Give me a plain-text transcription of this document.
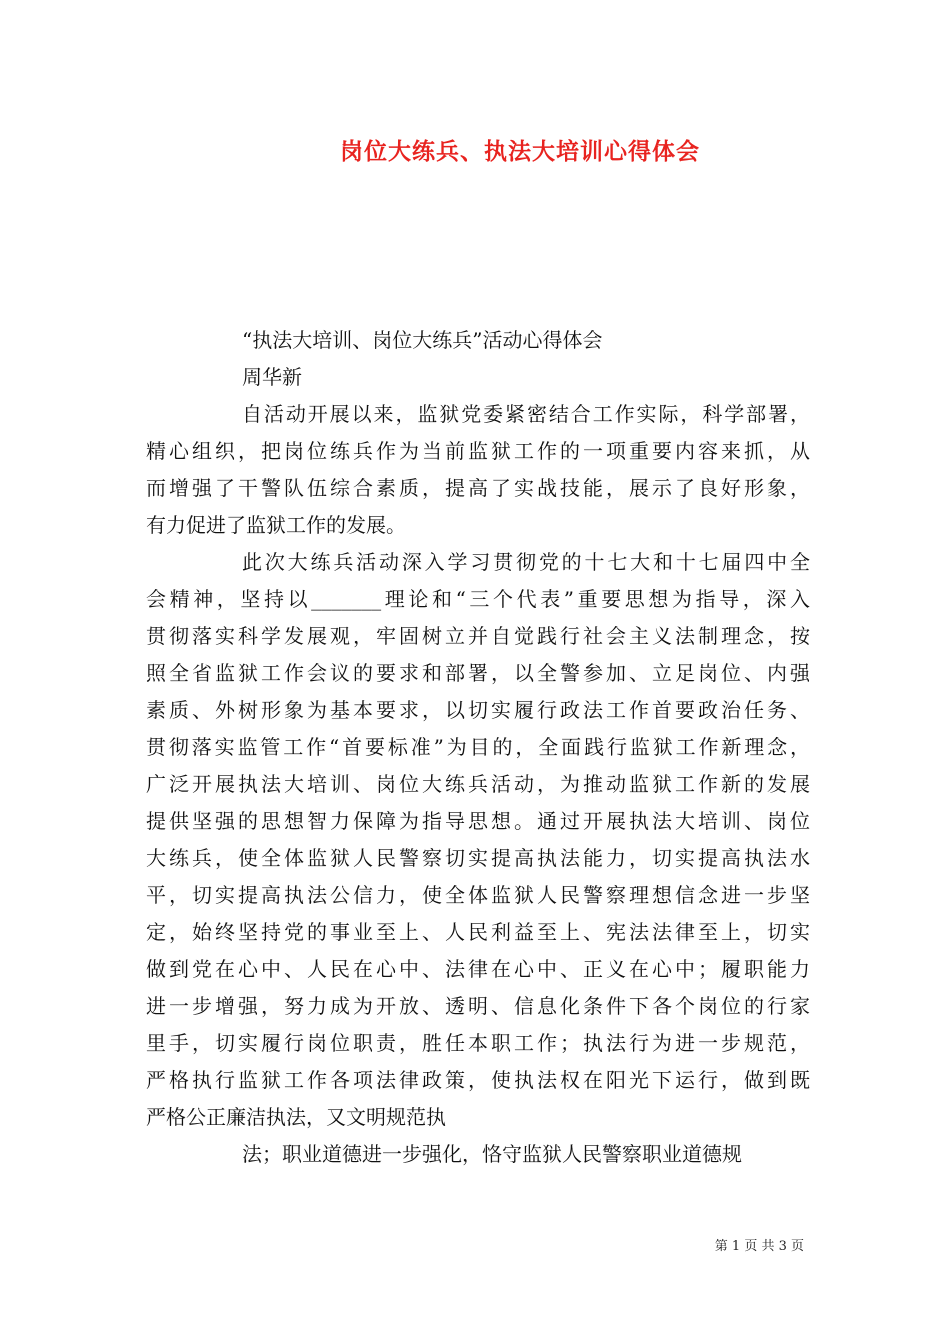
岗位大练兵、执法大培训心得体会
“执法大培训、岗位大练兵”活动心得体会
周华新
自活动开展以来，监狱党委紧密结合工作实际，科学部署，
精心组织，把岗位练兵作为当前监狱工作的一项重要内容来抓，从
而增强了干警队伍综合素质，提高了实战技能，展示了良好形象，
有力促进了监狱工作的发展。
此次大练兵活动深入学习贯彻党的十七大和十七届四中全
会精神，坚持以_______理论和“三个代表”重要思想为指导，深入
贯彻落实科学发展观，牢固树立并自觉践行社会主义法制理念，按
照全省监狱工作会议的要求和部署，以全警参加、立足岗位、内强
素质、外树形象为基本要求，以切实履行政法工作首要政治任务、
贯彻落实监管工作“首要标准”为目的，全面践行监狱工作新理念，
广泛开展执法大培训、岗位大练兵活动，为推动监狱工作新的发展
提供坚强的思想智力保障为指导思想。通过开展执法大培训、岗位
大练兵，使全体监狱人民警察切实提高执法能力，切实提高执法水
平，切实提高执法公信力，使全体监狱人民警察理想信念进一步坚
定，始终坚持党的事业至上、人民利益至上、宪法法律至上，切实
做到党在心中、人民在心中、法律在心中、正义在心中；履职能力
进一步增强，努力成为开放、透明、信息化条件下各个岗位的行家
里手，切实履行岗位职责，胜任本职工作；执法行为进一步规范，
严格执行监狱工作各项法律政策，使执法权在阳光下运行，做到既
严格公正廉洁执法，又文明规范执
法；职业道德进一步强化，恪守监狱人民警察职业道德规
第 1 页 共 3 页
